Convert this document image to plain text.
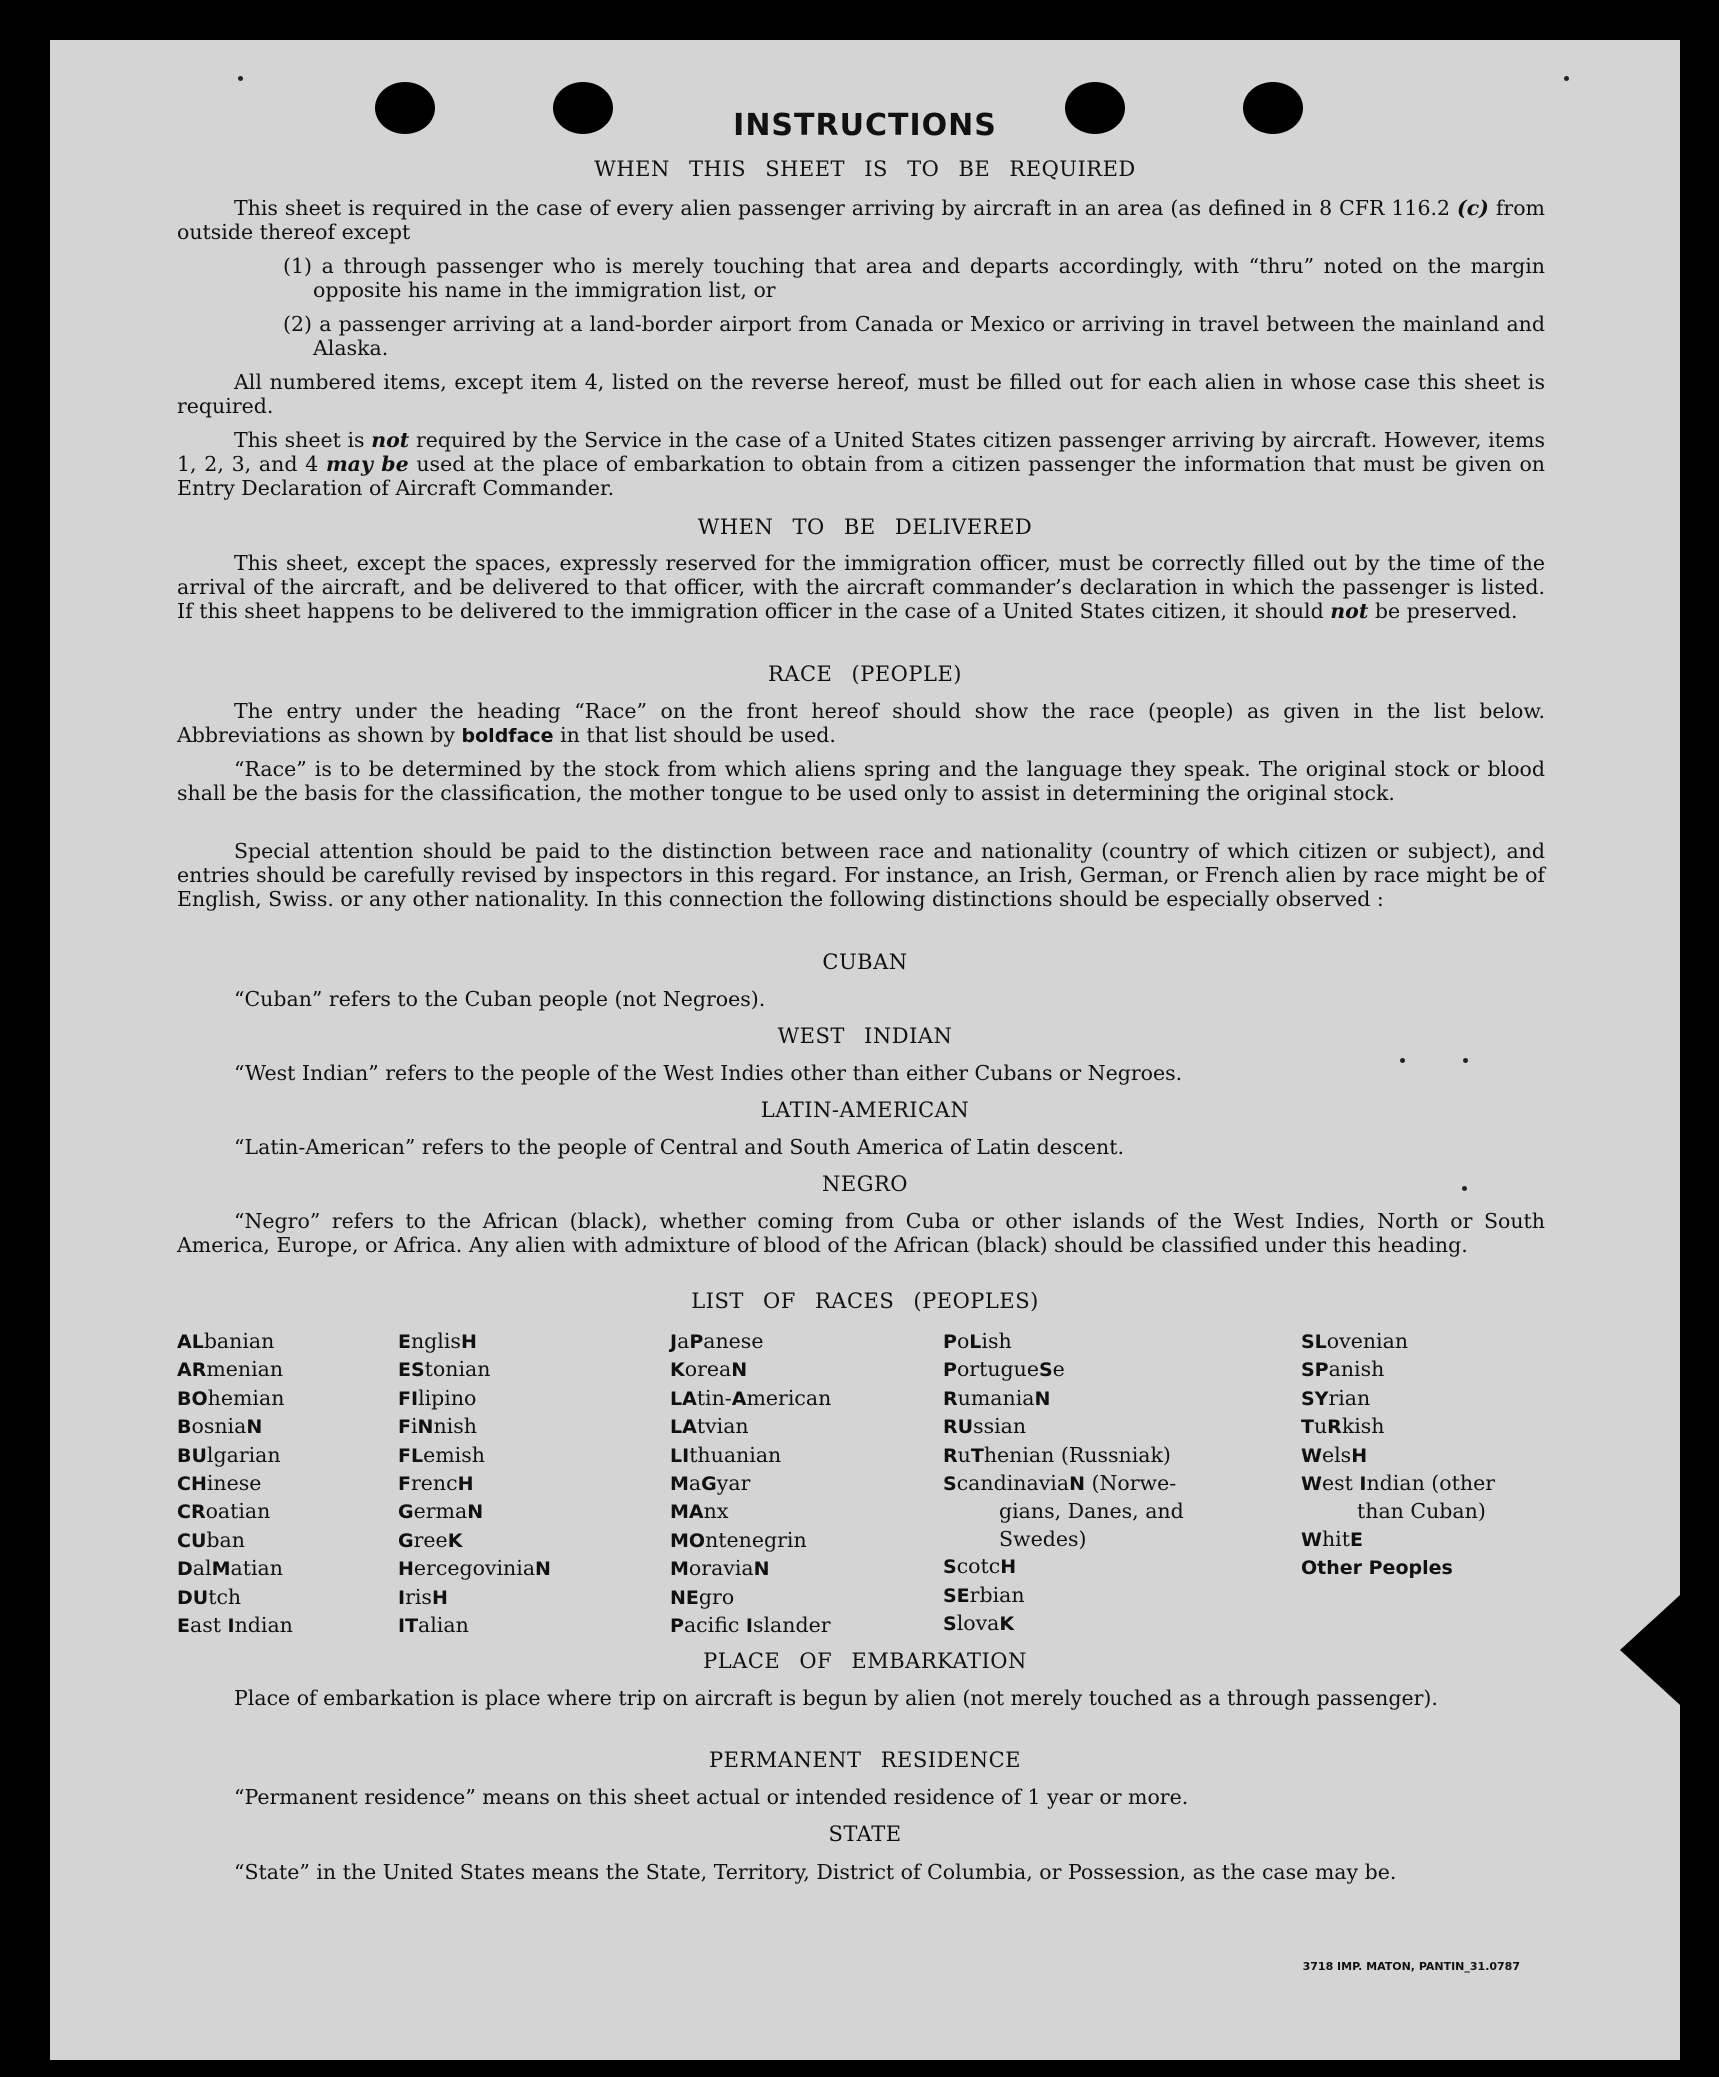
INSTRUCTIONS
WHEN THIS SHEET IS TO BE REQUIRED
This sheet is required in the case of every alien passenger arriving by aircraft in an area (as defined in 8 CFR 116.2 (c) from outside thereof except
(1) a through passenger who is merely touching that area and departs accordingly, with “thru” noted on the margin opposite his name in the immigration list, or
(2) a passenger arriving at a land-border airport from Canada or Mexico or arriving in travel between the mainland and Alaska.
All numbered items, except item 4, listed on the reverse hereof, must be filled out for each alien in whose case this sheet is required.
This sheet is not required by the Service in the case of a United States citizen passenger arriving by aircraft. However, items 1, 2, 3, and 4 may be used at the place of embarkation to obtain from a citizen passenger the information that must be given on Entry Declaration of Aircraft Commander.
WHEN TO BE DELIVERED
This sheet, except the spaces, expressly reserved for the immigration officer, must be correctly filled out by the time of the arrival of the aircraft, and be delivered to that officer, with the aircraft commander’s declaration in which the passenger is listed. If this sheet happens to be delivered to the immigration officer in the case of a United States citizen, it should not be preserved.
RACE (PEOPLE)
The entry under the heading “Race” on the front hereof should show the race (people) as given in the list below. Abbreviations as shown by boldface in that list should be used.
“Race” is to be determined by the stock from which aliens spring and the language they speak. The original stock or blood shall be the basis for the classification, the mother tongue to be used only to assist in determining the original stock.
Special attention should be paid to the distinction between race and nationality (country of which citizen or subject), and entries should be carefully revised by inspectors in this regard. For instance, an Irish, German, or French alien by race might be of English, Swiss. or any other nationality. In this connection the following distinctions should be especially observed :
CUBAN
“Cuban” refers to the Cuban people (not Negroes).
WEST INDIAN
“West Indian” refers to the people of the West Indies other than either Cubans or Negroes.
LATIN-AMERICAN
“Latin-American” refers to the people of Central and South America of Latin descent.
NEGRO
“Negro” refers to the African (black), whether coming from Cuba or other islands of the West Indies, North or South America, Europe, or Africa. Any alien with admixture of blood of the African (black) should be classified under this heading.
LIST OF RACES (PEOPLES)
ALbanian
ARmenian
BOhemian
BosniaN
BUlgarian
CHinese
CRoatian
CUban
DalMatian
DUtch
East Indian
EnglisH
EStonian
FIlipino
FiNnish
FLemish
FrencH
GermaN
GreeK
HercegoviniaN
IrisH
ITalian
JaPanese
KoreaN
LAtin-American
LAtvian
LIthuanian
MaGyar
MAnx
MOntenegrin
MoraviaN
NEgro
Pacific Islander
PoLish
PortugueSe
RumaniaN
RUssian
RuThenian (Russniak)
ScandinaviaN (Norwe-
gians, Danes, and
Swedes)
ScotcH
SErbian
SlovaK
SLovenian
SPanish
SYrian
TuRkish
WelsH
West Indian (other
than Cuban)
WhitE
Other Peoples
PLACE OF EMBARKATION
Place of embarkation is place where trip on aircraft is begun by alien (not merely touched as a through passenger).
PERMANENT RESIDENCE
“Permanent residence” means on this sheet actual or intended residence of 1 year or more.
STATE
“State” in the United States means the State, Territory, District of Columbia, or Possession, as the case may be.
3718 IMP. MATON, PANTIN_31.0787
